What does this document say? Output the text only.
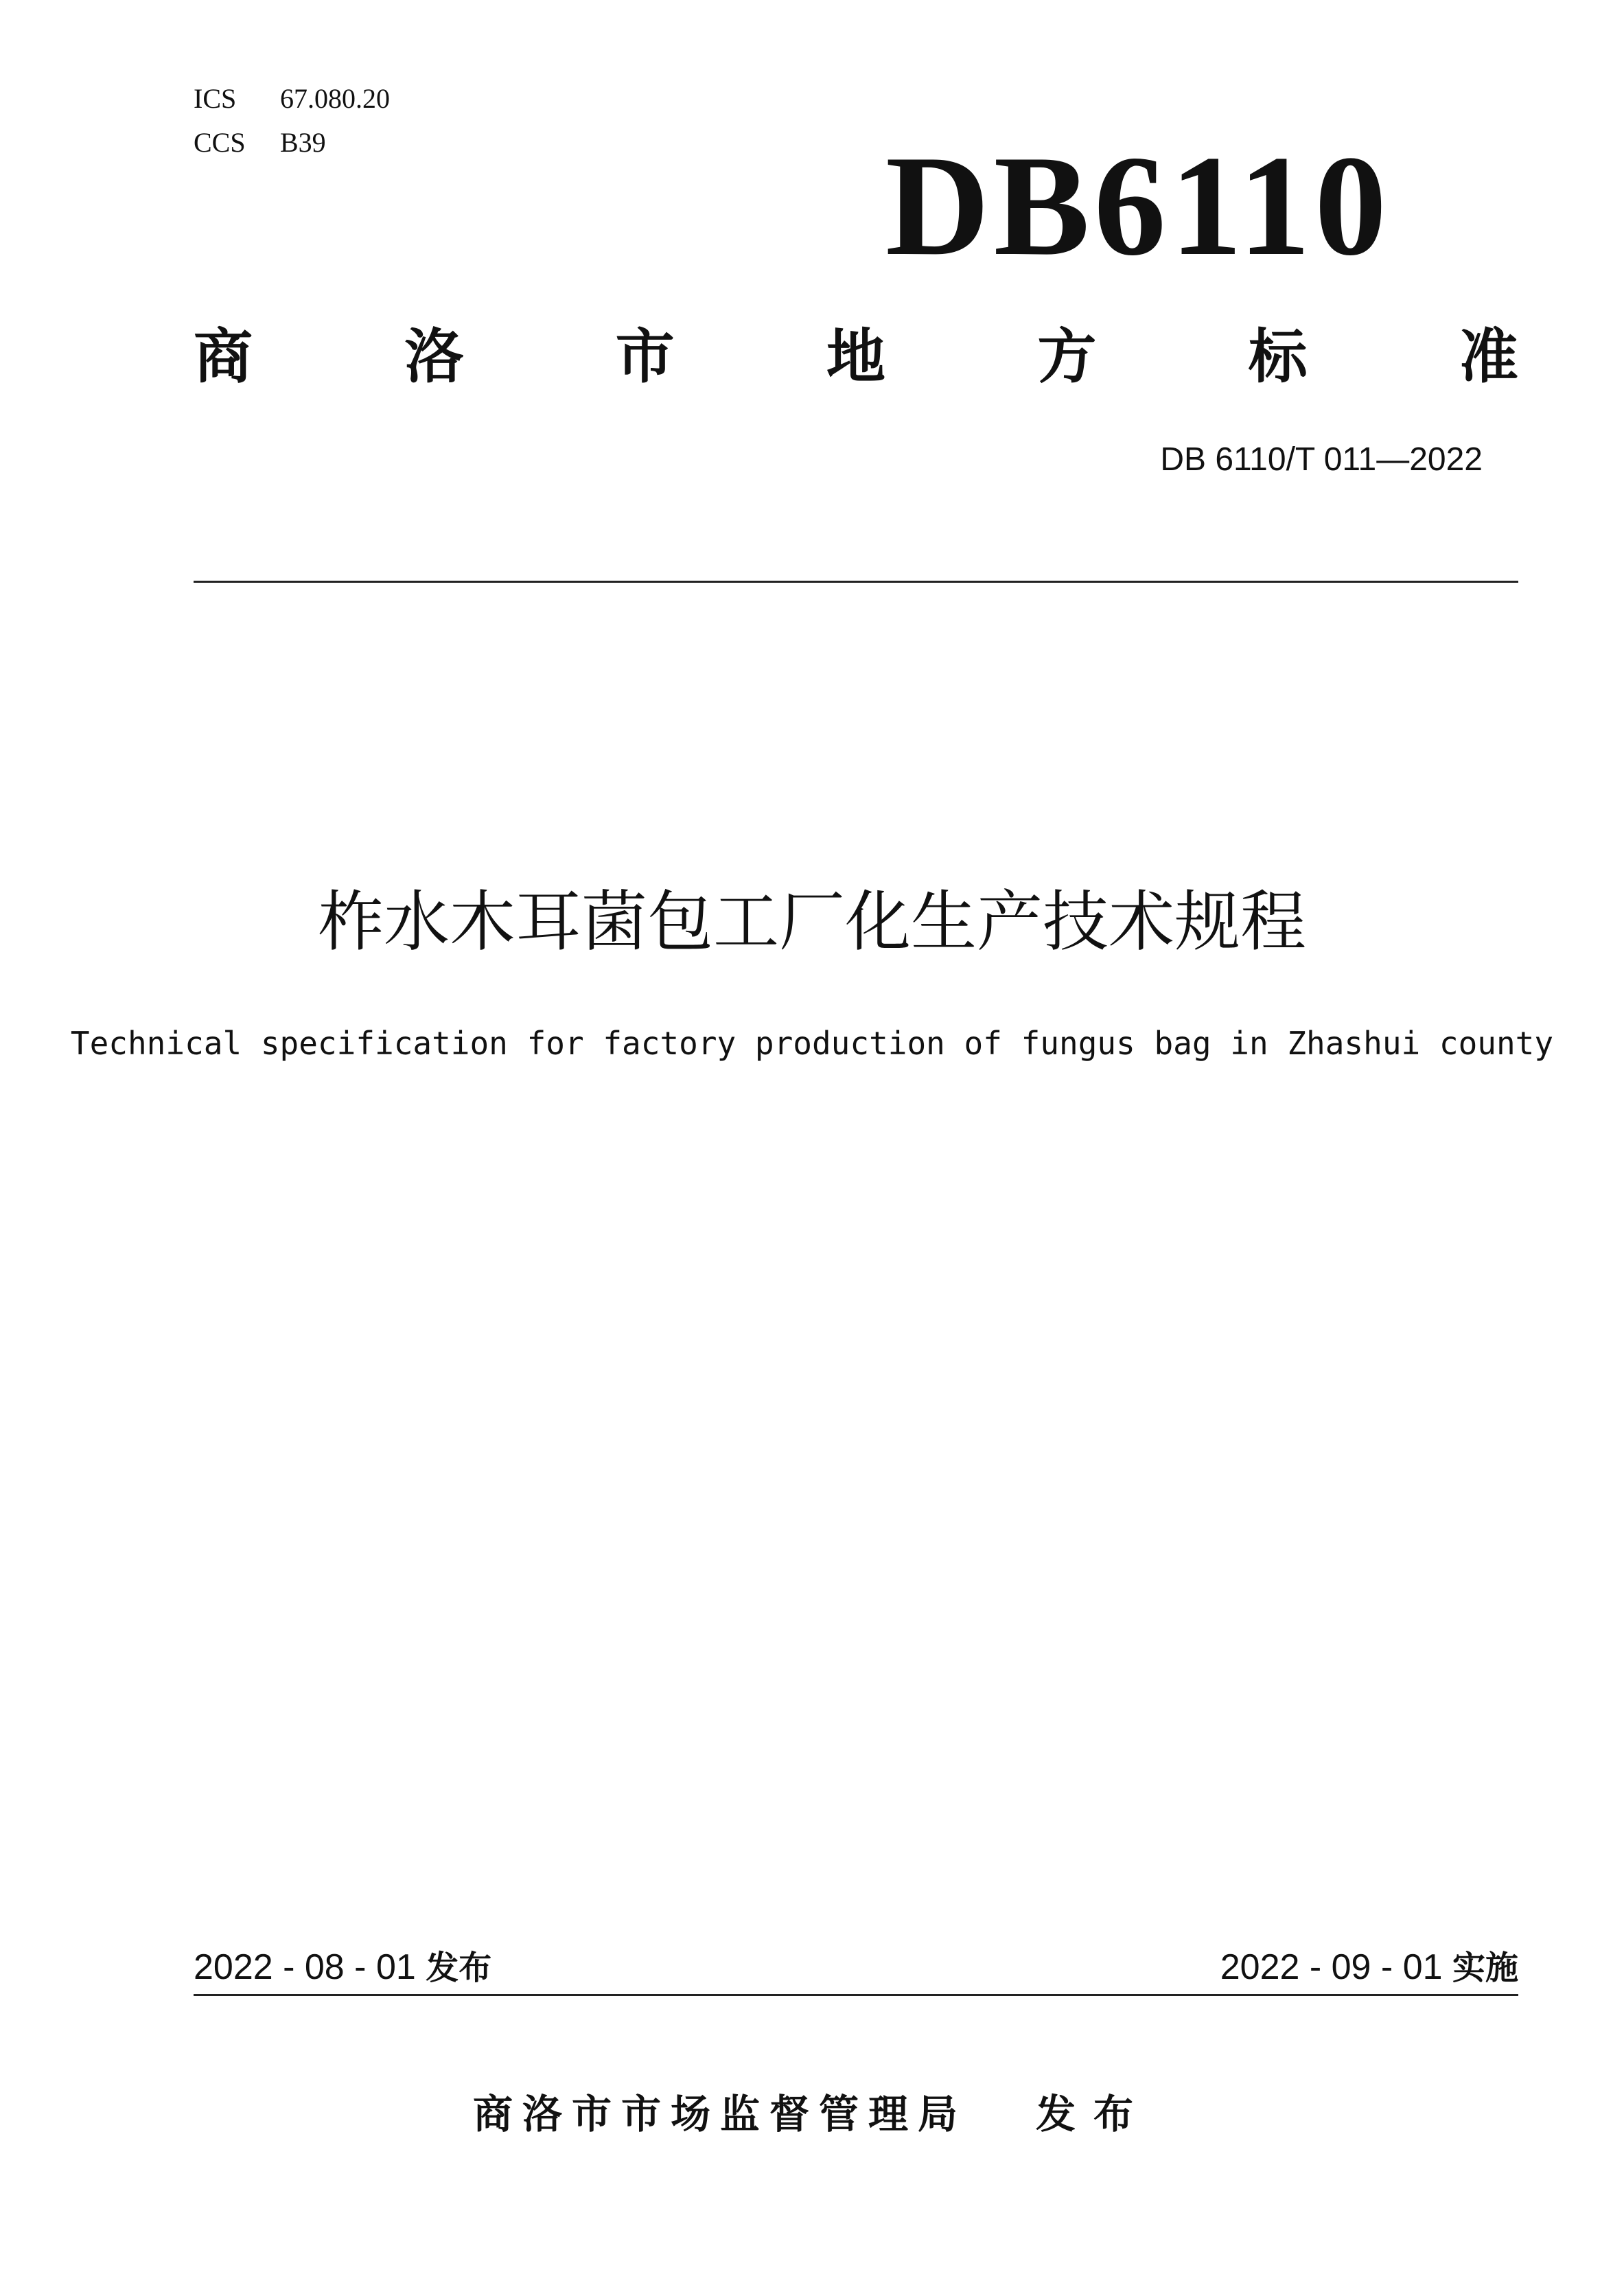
ICS 67.080.20
CCS B39	DB6110
商	洛	市	地	方	标	准
DB 6110/T 011—2022
柞水木耳菌包工厂化生产技术规程
Technical specification for factory production of fungus bag in Zhashui county
2022 - 08 - 01 发布	2022 - 09 - 01 实施
商洛市市场监督管理局 发布
